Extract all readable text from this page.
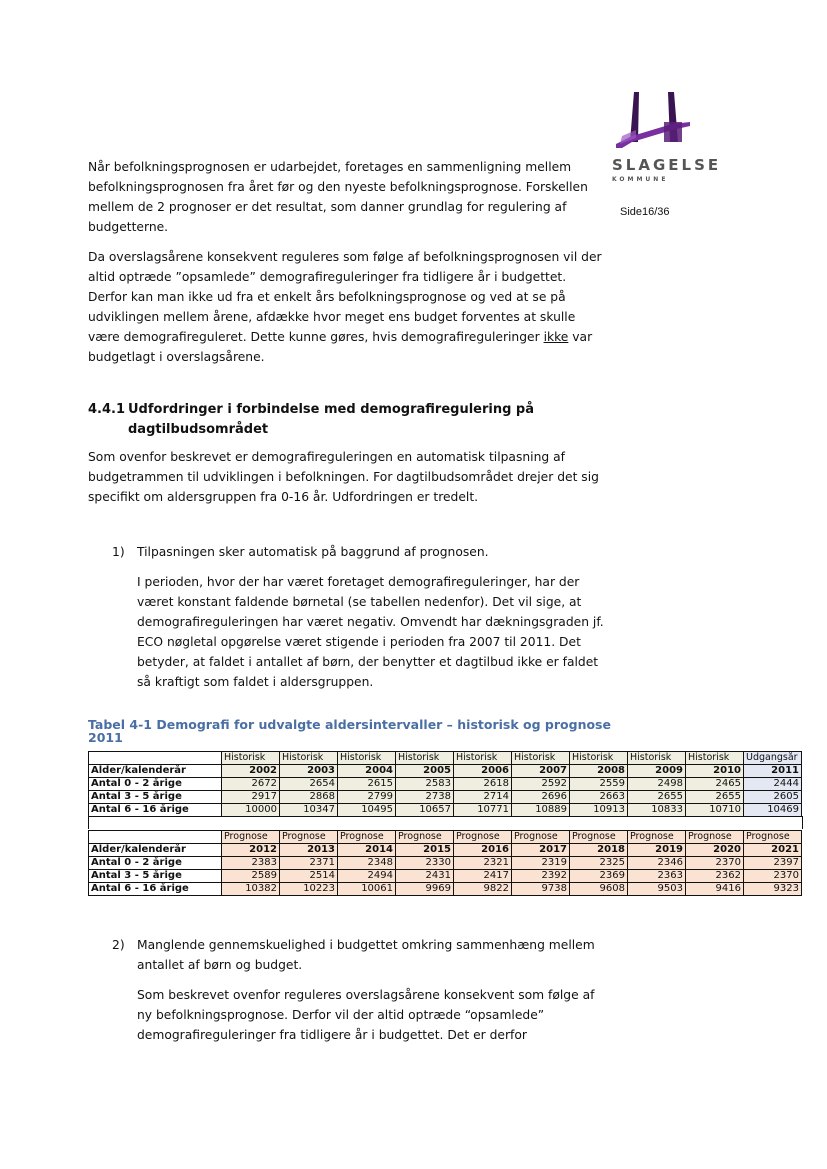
SLAGELSE
KOMMUNE
Side16/36

Når befolkningsprognosen er udarbejdet, foretages en sammenligning mellem befolkningsprognosen fra året før og den nyeste befolkningsprognose. Forskellen mellem de 2 prognoser er det resultat, som danner grundlag for regulering af budgetterne.

Da overslagsårene konsekvent reguleres som følge af befolkningsprognosen vil der altid optræde ”opsamlede” demografireguleringer fra tidligere år i budgettet. Derfor kan man ikke ud fra et enkelt års befolkningsprognose og ved at se på udviklingen mellem årene, afdække hvor meget ens budget forventes at skulle være demografireguleret. Dette kunne gøres, hvis demografireguleringer ikke var budgetlagt i overslagsårene.

4.4.1 Udfordringer i forbindelse med demografiregulering på dagtilbudsområdet

Som ovenfor beskrevet er demografireguleringen en automatisk tilpasning af budgetrammen til udviklingen i befolkningen. For dagtilbudsområdet drejer det sig specifikt om aldersgruppen fra 0-16 år. Udfordringen er tredelt.

1)	Tilpasningen sker automatisk på baggrund af prognosen.
I perioden, hvor der har været foretaget demografireguleringer, har der været konstant faldende børnetal (se tabellen nedenfor). Det vil sige, at demografireguleringen har været negativ. Omvendt har dækningsgraden jf. ECO nøgletal opgørelse været stigende i perioden fra 2007 til 2011. Det betyder, at faldet i antallet af børn, der benytter et dagtilbud ikke er faldet så kraftigt som faldet i aldersgruppen.
Tabel 4-1 Demografi for udvalgte aldersintervaller – historisk og prognose 2011
	Historisk	Historisk	Historisk	Historisk	Historisk	Historisk	Historisk	Historisk	Historisk	Udgangsår
Alder/kalenderår	2002	2003	2004	2005	2006	2007	2008	2009	2010	2011
Antal 0 - 2 årige	2672	2654	2615	2583	2618	2592	2559	2498	2465	2444
Antal 3 - 5 årige	2917	2868	2799	2738	2714	2696	2663	2655	2655	2605
Antal 6 - 16 årige	10000	10347	10495	10657	10771	10889	10913	10833	10710	10469
	Prognose	Prognose	Prognose	Prognose	Prognose	Prognose	Prognose	Prognose	Prognose	Prognose
Alder/kalenderår	2012	2013	2014	2015	2016	2017	2018	2019	2020	2021
Antal 0 - 2 årige	2383	2371	2348	2330	2321	2319	2325	2346	2370	2397
Antal 3 - 5 årige	2589	2514	2494	2431	2417	2392	2369	2363	2362	2370
Antal 6 - 16 årige	10382	10223	10061	9969	9822	9738	9608	9503	9416	9323
2)	Manglende gennemskuelighed i budgettet omkring sammenhæng mellem antallet af børn og budget.
Som beskrevet ovenfor reguleres overslagsårene konsekvent som følge af ny befolkningsprognose. Derfor vil der altid optræde “opsamlede” demografireguleringer fra tidligere år i budgettet. Det er derfor
